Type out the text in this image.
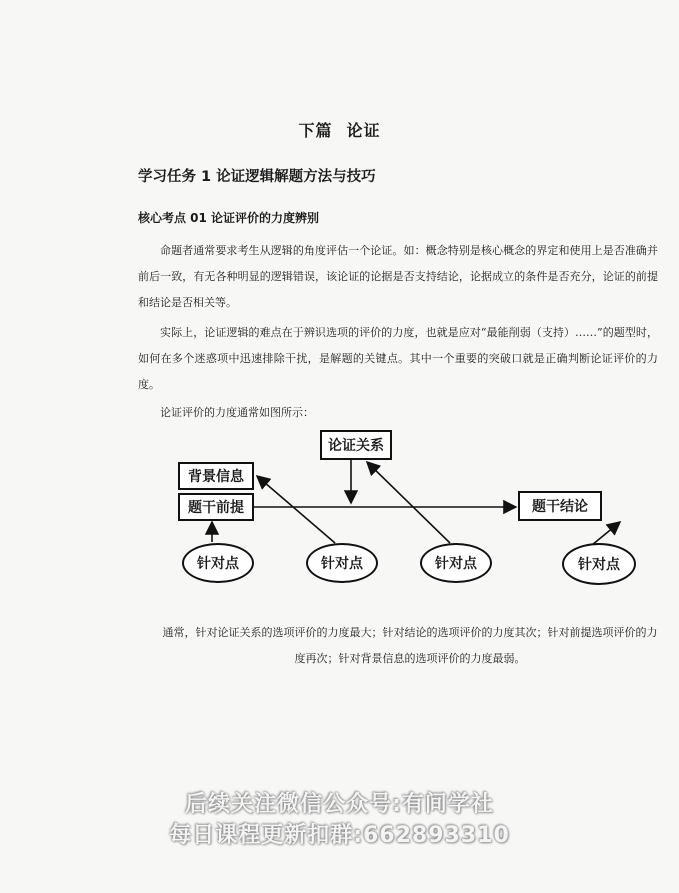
下篇 论证
学习任务 1 论证逻辑解题方法与技巧
核心考点 01 论证评价的力度辨别

命题者通常要求考生从逻辑的角度评估一个论证。如：概念特别是核心概念的界定和使用上是否准确并前后一致，有无各种明显的逻辑错误，该论证的论据是否支持结论，论据成立的条件是否充分，论证的前提和结论是否相关等。

实际上，论证逻辑的难点在于辨识选项的评价的力度，也就是应对“最能削弱（支持）……”的题型时，如何在多个迷惑项中迅速排除干扰，是解题的关键点。其中一个重要的突破口就是正确判断论证评价的力度。

论证评价的力度通常如图所示：

论证关系
背景信息
题干前提	题干结论
针对点	针对点	针对点	针对点

通常，针对论证关系的选项评价的力度最大；针对结论的选项评价的力度其次；针对前提选项评价的力度再次；针对背景信息的选项评价的力度最弱。

后续关注微信公众号:有间学社
每日课程更新扣群:662893310
